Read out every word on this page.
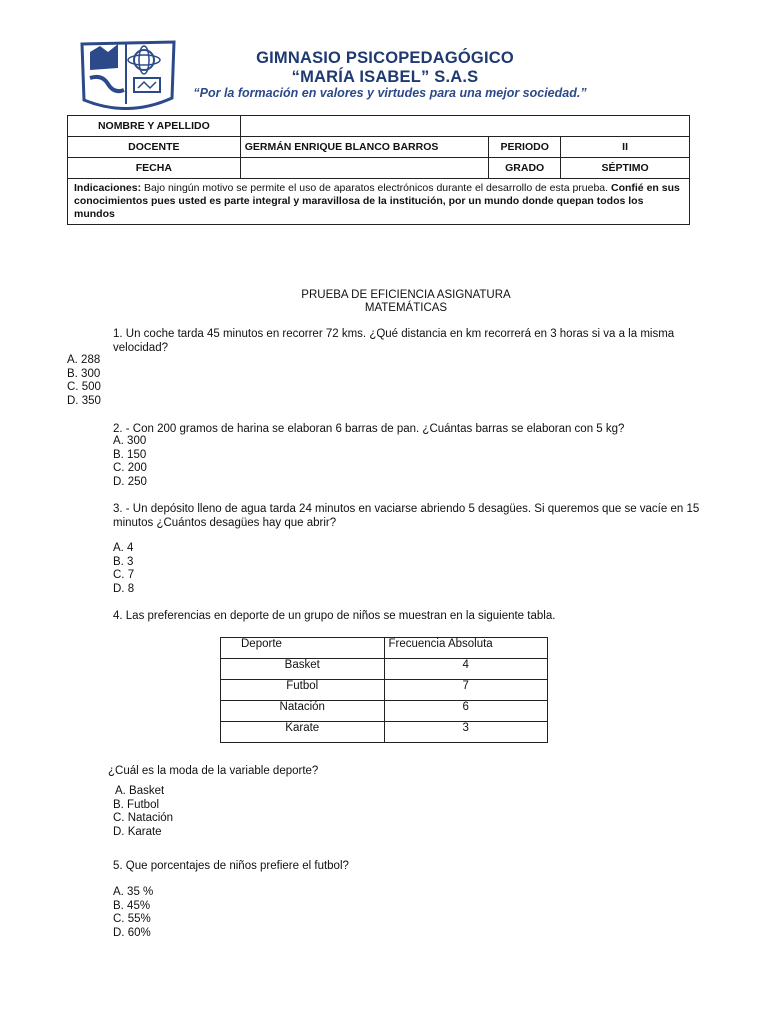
GIMNASIO PSICOPEDAGÓGICO
“MARÍA ISABEL” S.A.S
“Por la formación en valores y virtudes para una mejor sociedad.”
NOMBRE Y APELLIDO			
DOCENTE	GERMÁN ENRIQUE BLANCO BARROS	PERIODO	II
FECHA		GRADO	SÉPTIMO
Indicaciones: Bajo ningún motivo se permite el uso de aparatos electrónicos durante el desarrollo de esta prueba. Confié en sus conocimientos pues usted es parte integral y maravillosa de la institución, por un mundo donde quepan todos los mundos			
PRUEBA DE EFICIENCIA ASIGNATURA
MATEMÁTICAS
1. Un coche tarda 45 minutos en recorrer 72 kms. ¿Qué distancia en km recorrerá en 3 horas si va a la misma velocidad?
A. 288
B. 300
C. 500
D. 350
2. - Con 200 gramos de harina se elaboran 6 barras de pan. ¿Cuántas barras se elaboran con 5 kg?
A. 300
B. 150
C. 200
D. 250
3. - Un depósito lleno de agua tarda 24 minutos en vaciarse abriendo 5 desagües. Si queremos que se vacíe en 15 minutos ¿Cuántos desagües hay que abrir?
A. 4
B. 3
C. 7
D. 8
4. Las preferencias en deporte de un grupo de niños se muestran en la siguiente tabla.
Deporte	Frecuencia Absoluta
Basket	4
Futbol	7
Natación	6
Karate	3
¿Cuál es la moda de la variable deporte?
A. Basket
B. Futbol
C. Natación
D. Karate
5. Que porcentajes de niños prefiere el futbol?
A. 35 %
B. 45%
C. 55%
D. 60%
